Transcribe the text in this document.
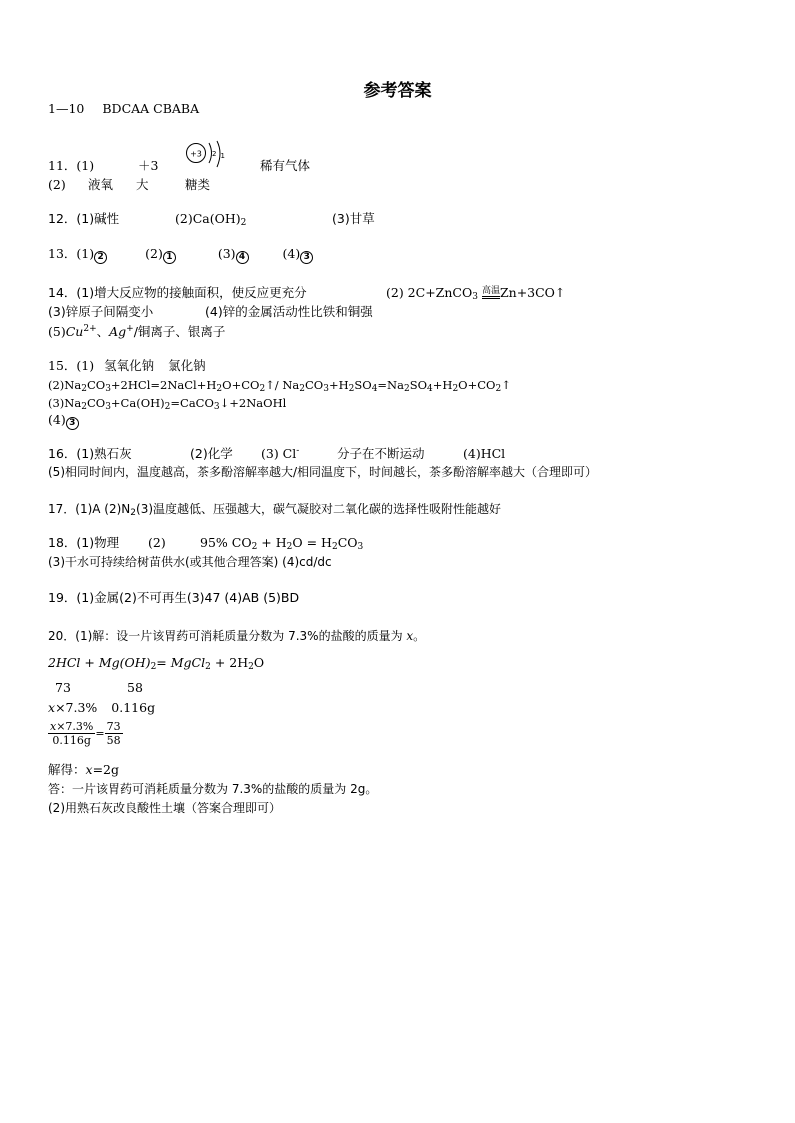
参考答案
1—10 BDCAA CBABA
11．(1)	＋3
+3 2 1
稀有气体
(2) 液氧 大	糖类
12．(1)碱性	$(2)Ca(OH)_2$	(3)甘草
13．(1) 2	(2) 1	(3) 4	(4) 3
14．(1)增大反应物的接触面积，使反应更充分	(2) 2C+ZnCO$_3$
高温 Zn+3CO↑
(3)锌原子间隔变小	(4)锌的金属活动性比铁和铜强
$(5)Cu^{2+}$、Ag+/铜离子、银离子
15．(1) 氢氧化钠 氯化钠
$(2)Na_2CO_3+2HCl=2NaCl+H_2O+CO_2↑/$ $Na_2CO_3+H_2SO_4=Na_2SO_4+H_2O+CO_2↑$
$(3)Na_2CO_3+Ca(OH)_2=CaCO_3↓+2NaOHl$
(4) 3
16．(1)熟石灰	(2)化学 (3) Cl-	分子在不断运动	(4)HCl
(5)相同时间内，温度越高，茶多酚溶解率越大/相同温度下，时间越长，茶多酚溶解率越大（合理即可）
17．(1)A $(2)N_2(3)$温度越低、压强越大，碳气凝胶对二氧化碳的选择性吸附性能越好
18．(1)物理 (2)	95% $CO_2 + H_2O = H_2CO_3$
(3)干水可持续给树苗供水(或其他合理答案) (4)cd/dc
19．(1)金属(2)不可再生(3)47 (4)AB (5)BD
20．(1)解：设一片该胃药可消耗质量分数为 7.3%的盐酸的质量为 x。
$2HCl + Mg(OH)_2=$ MgCl$_2$ + $2H_2O$
73	58
x×7.3% 0.116g
$\frac{x\times 7.3\%}{0.116g} = \frac{73}{58}$
解得：x=2g
答：一片该胃药可消耗质量分数为 7.3%的盐酸的质量为 2g。
(2)用熟石灰改良酸性土壤（答案合理即可）
